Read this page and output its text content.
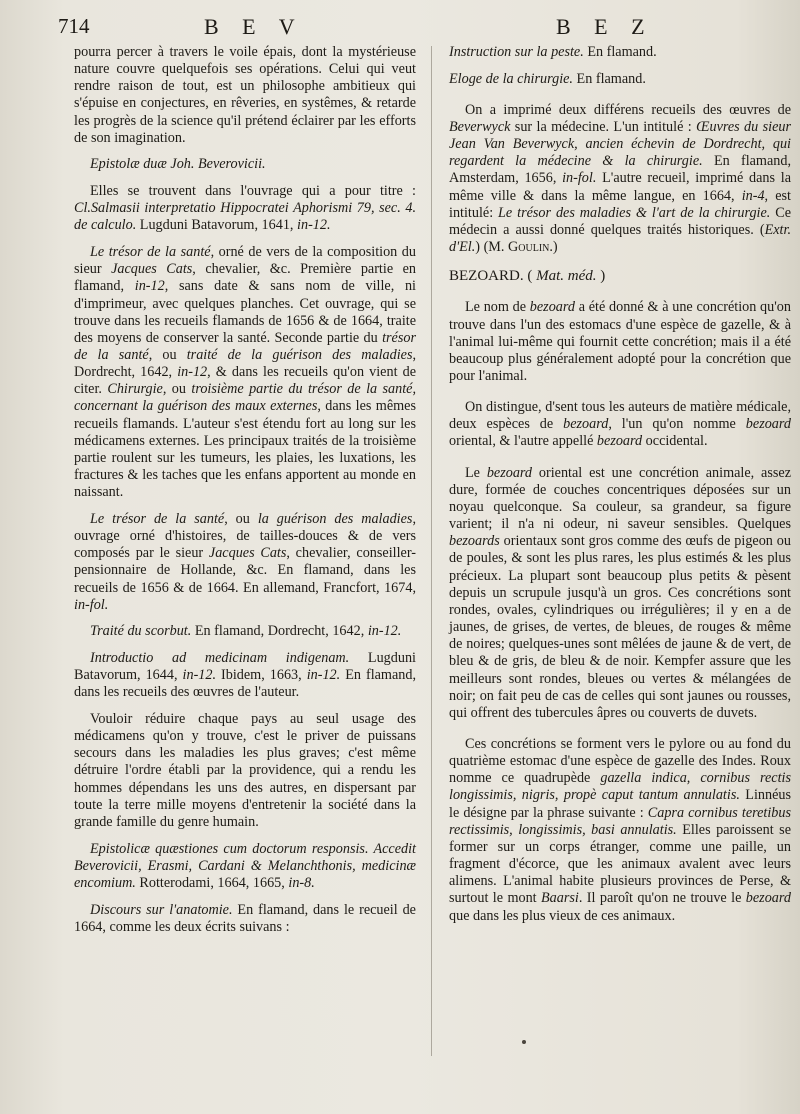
714	B E V	B E Z

pourra percer à travers le voile épais, dont la mystérieuse nature couvre quelquefois ses opérations. Celui qui veut rendre raison de tout, est un philosophe ambitieux qui s'épuise en conjectures, en rêveries, en systêmes, & retarde les progrès de la science qu'il prétend éclairer par les efforts de son imagination.

Epistolæ duæ Joh. Beverovicii.

Elles se trouvent dans l'ouvrage qui a pour titre : Cl.Salmasii interpretatio Hippocratei Aphorismi 79, sec. 4. de calculo. Lugduni Batavorum, 1641, in-12.

Le trésor de la santé, orné de vers de la composition du sieur Jacques Cats, chevalier, &c. Première partie en flamand, in-12, sans date & sans nom de ville, ni d'imprimeur, avec quelques planches. Cet ouvrage, qui se trouve dans les recueils flamands de 1656 & de 1664, traite des moyens de conserver la santé. Seconde partie du trésor de la santé, ou traité de la guérison des maladies, Dordrecht, 1642, in-12, & dans les recueils qu'on vient de citer. Chirurgie, ou troisième partie du trésor de la santé, concernant la guérison des maux externes, dans les mêmes recueils flamands. L'auteur s'est étendu fort au long sur les médicamens externes. Les principaux traités de la troisième partie roulent sur les tumeurs, les plaies, les luxations, les fractures & les taches que les enfans apportent au monde en naissant.

Le trésor de la santé, ou la guérison des maladies, ouvrage orné d'histoires, de tailles-douces & de vers composés par le sieur Jacques Cats, chevalier, conseiller-pensionnaire de Hollande, &c. En flamand, dans les recueils de 1656 & de 1664. En allemand, Francfort, 1674, in-fol.

Traité du scorbut. En flamand, Dordrecht, 1642, in-12.

Introductio ad medicinam indigenam. Lugduni Batavorum, 1644, in-12. Ibidem, 1663, in-12. En flamand, dans les recueils des œuvres de l'auteur.

Vouloir réduire chaque pays au seul usage des médicamens qu'on y trouve, c'est le priver de puissans secours dans les maladies les plus graves; c'est même détruire l'ordre établi par la providence, qui a rendu les hommes dépendans les uns des autres, en dispersant par toute la terre mille moyens d'entretenir la société dans la grande famille du genre humain.

Epistolicæ quæstiones cum doctorum responsis. Accedit Beverovicii, Erasmi, Cardani & Melanchthonis, medicinæ encomium. Rotterodami, 1664, 1665, in-8.

Discours sur l'anatomie. En flamand, dans le recueil de 1664, comme les deux écrits suivans :

Instruction sur la peste. En flamand.

Eloge de la chirurgie. En flamand.

On a imprimé deux différens recueils des œuvres de Beverwyck sur la médecine. L'un intitulé : Œuvres du sieur Jean Van Beverwyck, ancien échevin de Dordrecht, qui regardent la médecine & la chirurgie. En flamand, Amsterdam, 1656, in-fol. L'autre recueil, imprimé dans la même ville & dans la même langue, en 1664, in-4, est intitulé: Le trésor des maladies & l'art de la chirurgie. Ce médecin a aussi donné quelques traités historiques. (Extr. d'El.) (M. Goulin.)

BEZOARD. ( Mat. méd. )

Le nom de bezoard a été donné & à une concrétion qu'on trouve dans l'un des estomacs d'une espèce de gazelle, & à l'animal lui-même qui fournit cette concrétion; mais il a été beaucoup plus généralement adopté pour la concrétion que pour l'animal.

On distingue, d'sent tous les auteurs de matière médicale, deux espèces de bezoard, l'un qu'on nomme bezoard oriental, & l'autre appellé bezoard occidental.

Le bezoard oriental est une concrétion animale, assez dure, formée de couches concentriques déposées sur un noyau quelconque. Sa couleur, sa grandeur, sa figure varient; il n'a ni odeur, ni saveur sensibles. Quelques bezoards orientaux sont gros comme des œufs de pigeon ou de poules, & sont les plus rares, les plus estimés & les plus précieux. La plupart sont beaucoup plus petits & pèsent depuis un scrupule jusqu'à un gros. Ces concrétions sont rondes, ovales, cylindriques ou irrégulières; il y en a de jaunes, de grises, de vertes, de bleues, de rouges & même de noires; quelques-unes sont mêlées de jaune & de vert, de bleu & de gris, de bleu & de noir. Kempfer assure que les meilleurs sont rondes, bleues ou vertes & mélangées de noir; on fait peu de cas de celles qui sont jaunes ou rousses, qui offrent des tubercules âpres ou couverts de duvets.

Ces concrétions se forment vers le pylore ou au fond du quatrième estomac d'une espèce de gazelle des Indes. Roux nomme ce quadrupède gazella indica, cornibus rectis longissimis, nigris, propè caput tantum annulatis. Linnéus le désigne par la phrase suivante : Capra cornibus teretibus rectissimis, longissimis, basi annulatis. Elles paroissent se former sur un corps étranger, comme une paille, un fragment d'écorce, que les animaux avalent avec leurs alimens. L'animal habite plusieurs provinces de Perse, & surtout le mont Baarsi. Il paroît qu'on ne trouve le bezoard que dans les plus vieux de ces animaux.
